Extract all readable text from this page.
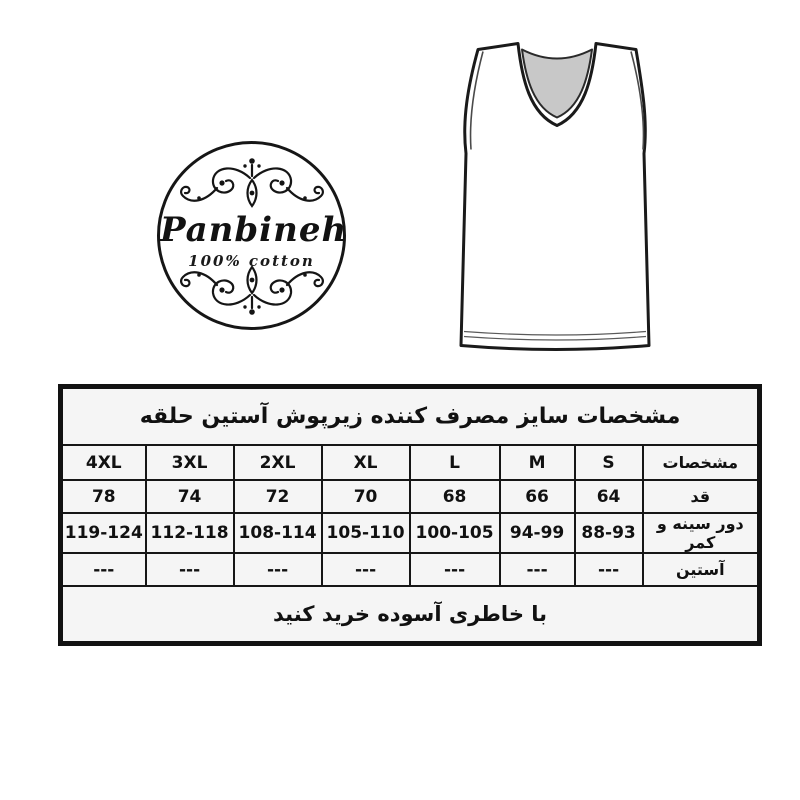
Panbineh
100% cotton
مشخصات سایز مصرف کننده زیرپوش آستین حلقه							
مشخصات	S	M	L	XL	2XL	3XL	4XL
قد	64	66	68	70	72	74	78
دور سینه و کمر	88-93	94-99	100-105	105-110	108-114	112-118	119-124
آستین	---	---	---	---	---	---	---
با خاطری آسوده خرید کنید							
